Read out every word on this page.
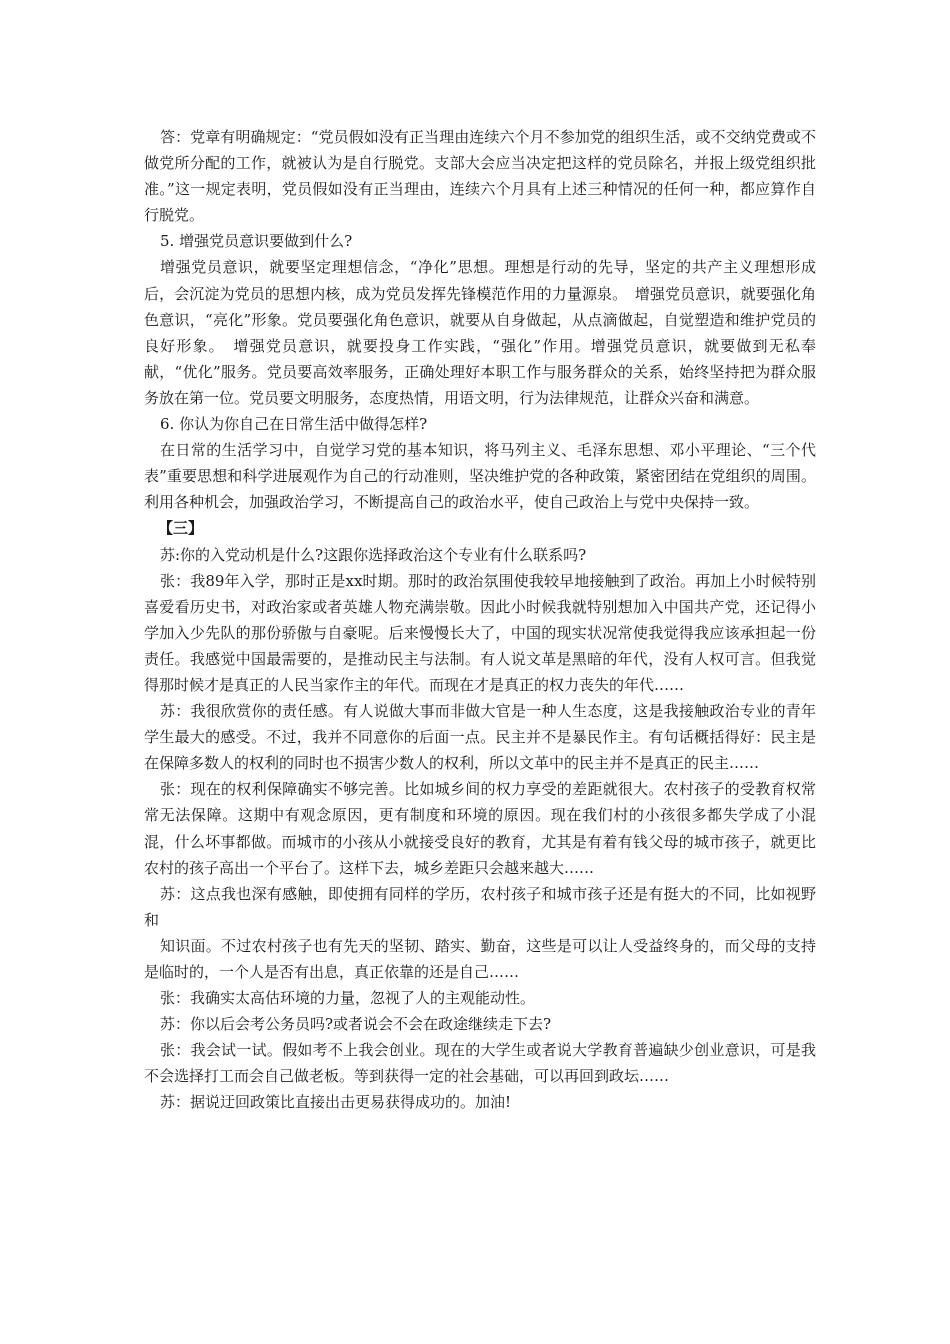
答：党章有明确规定：“党员假如没有正当理由连续六个月不参加党的组织生活，或不交纳党费或不做党所分配的工作，就被认为是自行脱党。支部大会应当决定把这样的党员除名，并报上级党组织批准。”这一规定表明，党员假如没有正当理由，连续六个月具有上述三种情况的任何一种，都应算作自行脱党。

5. 增强党员意识要做到什么?

增强党员意识，就要坚定理想信念，“净化”思想。理想是行动的先导，坚定的共产主义理想形成后，会沉淀为党员的思想内核，成为党员发挥先锋模范作用的力量源泉。　增强党员意识，就要强化角色意识，“亮化”形象。党员要强化角色意识，就要从自身做起，从点滴做起，自觉塑造和维护党员的良好形象。　增强党员意识，就要投身工作实践，“强化”作用。增强党员意识，就要做到无私奉献，“优化”服务。党员要高效率服务，正确处理好本职工作与服务群众的关系，始终坚持把为群众服务放在第一位。党员要文明服务，态度热情，用语文明，行为法律规范，让群众兴奋和满意。

6. 你认为你自己在日常生活中做得怎样?

在日常的生活学习中，自觉学习党的基本知识，将马列主义、毛泽东思想、邓小平理论、“三个代表”重要思想和科学进展观作为自己的行动准则，坚决维护党的各种政策，紧密团结在党组织的周围。利用各种机会，加强政治学习，不断提高自己的政治水平，使自己政治上与党中央保持一致。

【三】

苏:你的入党动机是什么?这跟你选择政治这个专业有什么联系吗?

张：我89年入学，那时正是xx时期。那时的政治氛围使我较早地接触到了政治。再加上小时候特别喜爱看历史书，对政治家或者英雄人物充满崇敬。因此小时候我就特别想加入中国共产党，还记得小学加入少先队的那份骄傲与自豪呢。后来慢慢长大了，中国的现实状况常使我觉得我应该承担起一份责任。我感觉中国最需要的，是推动民主与法制。有人说文革是黑暗的年代，没有人权可言。但我觉得那时候才是真正的人民当家作主的年代。而现在才是真正的权力丧失的年代……

苏：我很欣赏你的责任感。有人说做大事而非做大官是一种人生态度，这是我接触政治专业的青年学生最大的感受。不过，我并不同意你的后面一点。民主并不是暴民作主。有句话概括得好：民主是在保障多数人的权利的同时也不损害少数人的权利，所以文革中的民主并不是真正的民主……

张：现在的权利保障确实不够完善。比如城乡间的权力享受的差距就很大。农村孩子的受教育权常常无法保障。这期中有观念原因，更有制度和环境的原因。现在我们村的小孩很多都失学成了小混混，什么坏事都做。而城市的小孩从小就接受良好的教育，尤其是有着有钱父母的城市孩子，就更比农村的孩子高出一个平台了。这样下去，城乡差距只会越来越大……

苏：这点我也深有感触，即使拥有同样的学历，农村孩子和城市孩子还是有挺大的不同，比如视野和

知识面。不过农村孩子也有先天的坚韧、踏实、勤奋，这些是可以让人受益终身的，而父母的支持是临时的，一个人是否有出息，真正依靠的还是自己……

张：我确实太高估环境的力量，忽视了人的主观能动性。

苏：你以后会考公务员吗?或者说会不会在政途继续走下去?

张：我会试一试。假如考不上我会创业。现在的大学生或者说大学教育普遍缺少创业意识，可是我不会选择打工而会自己做老板。等到获得一定的社会基础，可以再回到政坛……

苏：据说迂回政策比直接出击更易获得成功的。加油!
